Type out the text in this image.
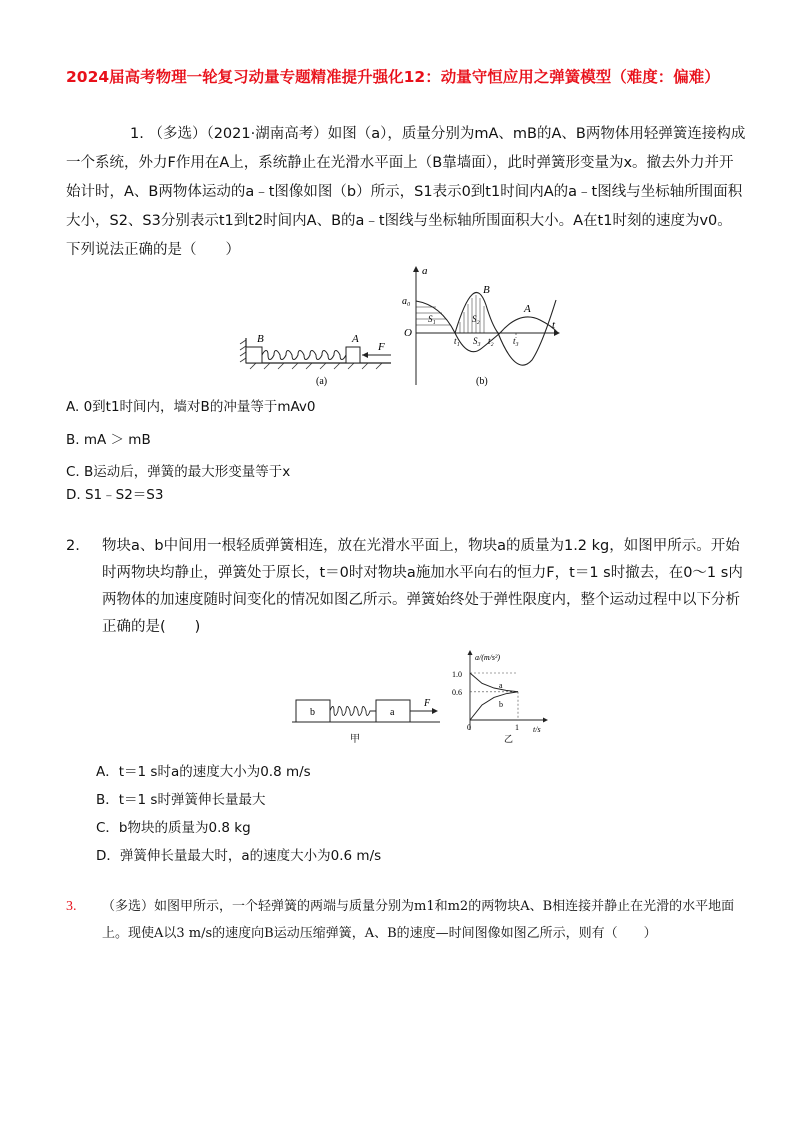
2024届高考物理一轮复习动量专题精准提升强化12：动量守恒应用之弹簧模型（难度：偏难）

1. （多选）（2021·湖南高考）如图（a），质量分别为mA、mB的A、B两物体用轻弹簧连接构成一个系统，外力F作用在A上，系统静止在光滑水平面上（B靠墙面），此时弹簧形变量为x。撤去外力并开始计时，A、B两物体运动的a﹣t图像如图（b）所示，S1表示0到t1时间内A的a﹣t图线与坐标轴所围面积大小，S2、S3分别表示t1到t2时间内A、B的a﹣t图线与坐标轴所围面积大小。A在t1时刻的速度为v0。下列说法正确的是（　　）

B	A
F
(a)
a
t
O
a₀
B
A
S₁	S₂
S₃
t₁	t₂ t₃
(b)
A. 0到t1时间内，墙对B的冲量等于mAv0
B. mA ＞ mB
C. B运动后，弹簧的最大形变量等于x
D. S1﹣S2＝S3
2. 物块a、b中间用一根轻质弹簧相连，放在光滑水平面上，物块a的质量为1.2 kg，如图甲所示。开始时两物块均静止，弹簧处于原长，t＝0时对物块a施加水平向右的恒力F，t＝1 s时撤去，在0～1 s内两物体的加速度随时间变化的情况如图乙所示。弹簧始终处于弹性限度内，整个运动过程中以下分析正确的是(　　)
b	a
F
甲
a/(m/s²)
t/s
1.0
0.6
0	1
a
b
乙
A．t＝1 s时a的速度大小为0.8 m/s
B．t＝1 s时弹簧伸长量最大
C．b物块的质量为0.8 kg
D．弹簧伸长量最大时，a的速度大小为0.6 m/s
3. （多选）如图甲所示，一个轻弹簧的两端与质量分别为m1和m2的两物块A、B相连接并静止在光滑的水平地面上。现使A以3 m/s的速度向B运动压缩弹簧，A、B的速度—时间图像如图乙所示，则有（　　）
